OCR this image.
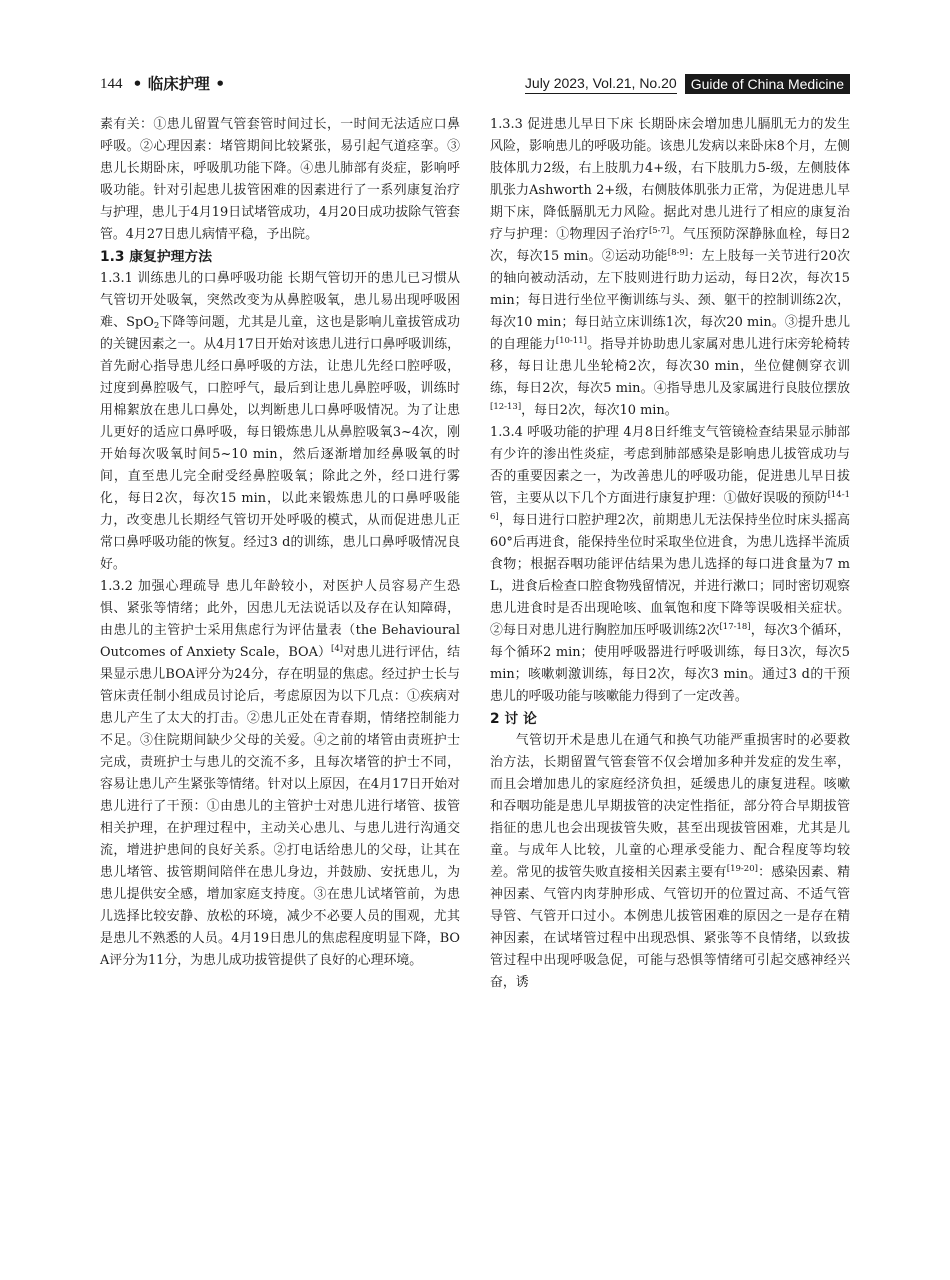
144 • 临床护理 •	July 2023, Vol.21, No.20	Guide of China Medicine

素有关：①患儿留置气管套管时间过长，一时间无法适应口鼻呼吸。②心理因素：堵管期间比较紧张，易引起气道痉挛。③患儿长期卧床，呼吸肌功能下降。④患儿肺部有炎症，影响呼吸功能。针对引起患儿拔管困难的因素进行了一系列康复治疗与护理，患儿于4月19日试堵管成功，4月20日成功拔除气管套管。4月27日患儿病情平稳，予出院。

1.3 康复护理方法

1.3.1 训练患儿的口鼻呼吸功能 长期气管切开的患儿已习惯从气管切开处吸氧，突然改变为从鼻腔吸氧，患儿易出现呼吸困难、SpO$_2$下降等问题，尤其是儿童，这也是影响儿童拔管成功的关键因素之一。从4月17日开始对该患儿进行口鼻呼吸训练，首先耐心指导患儿经口鼻呼吸的方法，让患儿先经口腔呼吸，过度到鼻腔吸气，口腔呼气，最后到让患儿鼻腔呼吸，训练时用棉絮放在患儿口鼻处，以判断患儿口鼻呼吸情况。为了让患儿更好的适应口鼻呼吸，每日锻炼患儿从鼻腔吸氧3~4次，刚开始每次吸氧时间5~10 min，然后逐渐增加经鼻吸氧的时间，直至患儿完全耐受经鼻腔吸氧；除此之外，经口进行雾化，每日2次，每次15 min，以此来锻炼患儿的口鼻呼吸能力，改变患儿长期经气管切开处呼吸的模式，从而促进患儿正常口鼻呼吸功能的恢复。经过3 d的训练，患儿口鼻呼吸情况良好。

1.3.2 加强心理疏导 患儿年龄较小，对医护人员容易产生恐惧、紧张等情绪；此外，因患儿无法说话以及存在认知障碍，由患儿的主管护士采用焦虑行为评估量表（the Behavioural Outcomes of Anxiety Scale，BOA）[4]对患儿进行评估，结果显示患儿BOA评分为24分，存在明显的焦虑。经过护士长与管床责任制小组成员讨论后，考虑原因为以下几点：①疾病对患儿产生了太大的打击。②患儿正处在青春期，情绪控制能力不足。③住院期间缺少父母的关爱。④之前的堵管由责班护士完成，责班护士与患儿的交流不多，且每次堵管的护士不同，容易让患儿产生紧张等情绪。针对以上原因，在4月17日开始对患儿进行了干预：①由患儿的主管护士对患儿进行堵管、拔管相关护理，在护理过程中，主动关心患儿、与患儿进行沟通交流，增进护患间的良好关系。②打电话给患儿的父母，让其在患儿堵管、拔管期间陪伴在患儿身边，并鼓励、安抚患儿，为患儿提供安全感，增加家庭支持度。③在患儿试堵管前，为患儿选择比较安静、放松的环境，减少不必要人员的围观，尤其是患儿不熟悉的人员。4月19日患儿的焦虑程度明显下降，BOA评分为11分，为患儿成功拔管提供了良好的心理环境。

1.3.3 促进患儿早日下床 长期卧床会增加患儿膈肌无力的发生风险，影响患儿的呼吸功能。该患儿发病以来卧床8个月，左侧肢体肌力2级，右上肢肌力4+级，右下肢肌力5-级，左侧肢体肌张力Ashworth 2+级，右侧肢体肌张力正常，为促进患儿早期下床，降低膈肌无力风险。据此对患儿进行了相应的康复治疗与护理：①物理因子治疗[5-7]。气压预防深静脉血栓，每日2次，每次15 min。②运动功能[8-9]：左上肢每一关节进行20次的轴向被动活动，左下肢则进行助力运动，每日2次，每次15 min；每日进行坐位平衡训练与头、颈、躯干的控制训练2次，每次10 min；每日站立床训练1次，每次20 min。③提升患儿的自理能力[10-11]。指导并协助患儿家属对患儿进行床旁轮椅转移，每日让患儿坐轮椅2次，每次30 min，坐位健侧穿衣训练，每日2次，每次5 min。④指导患儿及家属进行良肢位摆放[12-13]，每日2次，每次10 min。

1.3.4 呼吸功能的护理 4月8日纤维支气管镜检查结果显示肺部有少许的渗出性炎症，考虑到肺部感染是影响患儿拔管成功与否的重要因素之一，为改善患儿的呼吸功能，促进患儿早日拔管，主要从以下几个方面进行康复护理：①做好误吸的预防[14-16]，每日进行口腔护理2次，前期患儿无法保持坐位时床头摇高60°后再进食，能保持坐位时采取坐位进食，为患儿选择半流质食物；根据吞咽功能评估结果为患儿选择的每口进食量为7 mL，进食后检查口腔食物残留情况，并进行漱口；同时密切观察患儿进食时是否出现呛咳、血氧饱和度下降等误吸相关症状。②每日对患儿进行胸腔加压呼吸训练2次[17-18]，每次3个循环，每个循环2 min；使用呼吸器进行呼吸训练，每日3次，每次5 min；咳嗽刺激训练，每日2次，每次3 min。通过3 d的干预患儿的呼吸功能与咳嗽能力得到了一定改善。

2 讨 论

气管切开术是患儿在通气和换气功能严重损害时的必要救治方法，长期留置气管套管不仅会增加多种并发症的发生率，而且会增加患儿的家庭经济负担，延缓患儿的康复进程。咳嗽和吞咽功能是患儿早期拔管的决定性指征，部分符合早期拔管指征的患儿也会出现拔管失败，甚至出现拔管困难，尤其是儿童。与成年人比较，儿童的心理承受能力、配合程度等均较差。常见的拔管失败直接相关因素主要有[19-20]：感染因素、精神因素、气管内肉芽肿形成、气管切开的位置过高、不适气管导管、气管开口过小。本例患儿拔管困难的原因之一是存在精神因素，在试堵管过程中出现恐惧、紧张等不良情绪，以致拔管过程中出现呼吸急促，可能与恐惧等情绪可引起交感神经兴奋，诱
